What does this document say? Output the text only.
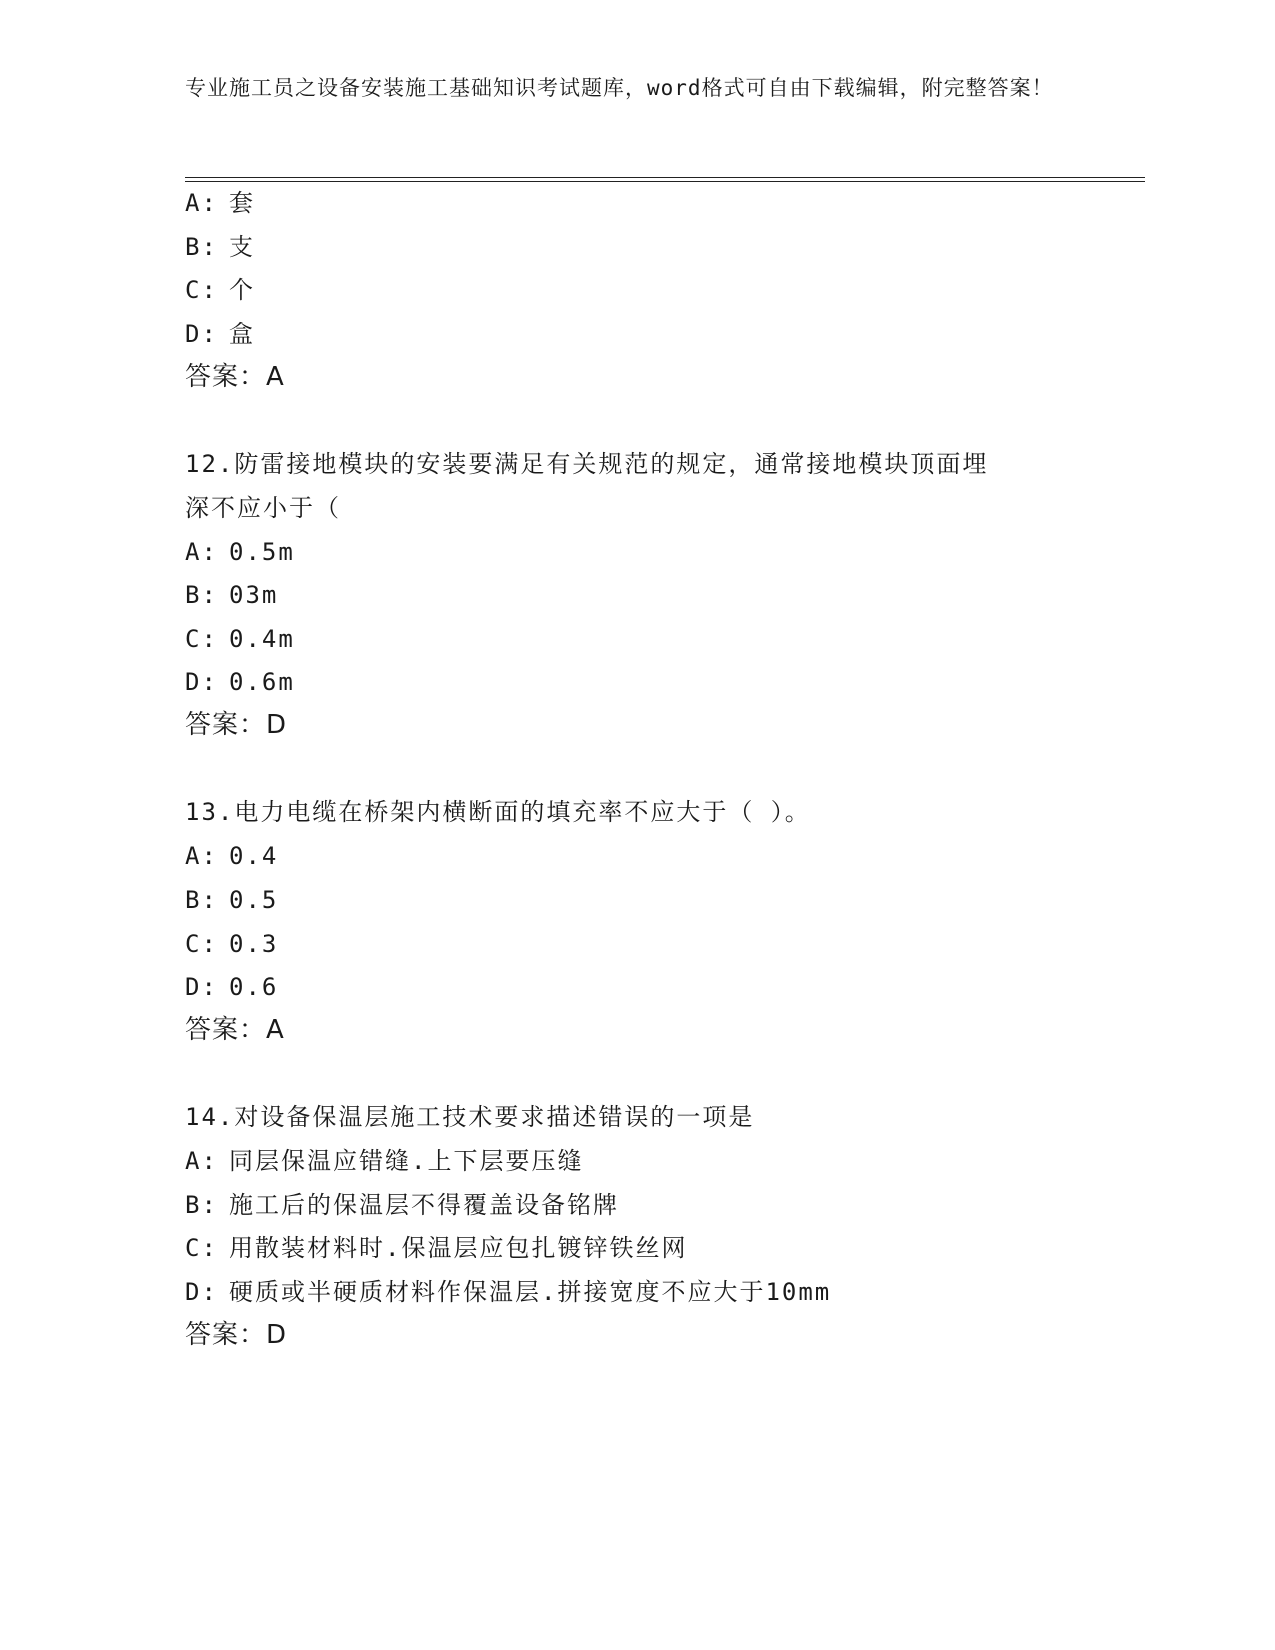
专业施工员之设备安装施工基础知识考试题库，word格式可自由下载编辑，附完整答案！
A: 套
B: 支
C: 个
D: 盒
答案：A
12.防雷接地模块的安装要满足有关规范的规定，通常接地模块顶面埋
深不应小于（
A: 0.5m
B: 03m
C: 0.4m
D: 0.6m
答案：D
13.电力电缆在桥架内横断面的填充率不应大于（ ）。
A: 0.4
B: 0.5
C: 0.3
D: 0.6
答案：A
14.对设备保温层施工技术要求描述错误的一项是
A: 同层保温应错缝.上下层要压缝
B: 施工后的保温层不得覆盖设备铭牌
C: 用散装材料时.保温层应包扎镀锌铁丝网
D: 硬质或半硬质材料作保温层.拼接宽度不应大于10mm
答案：D
